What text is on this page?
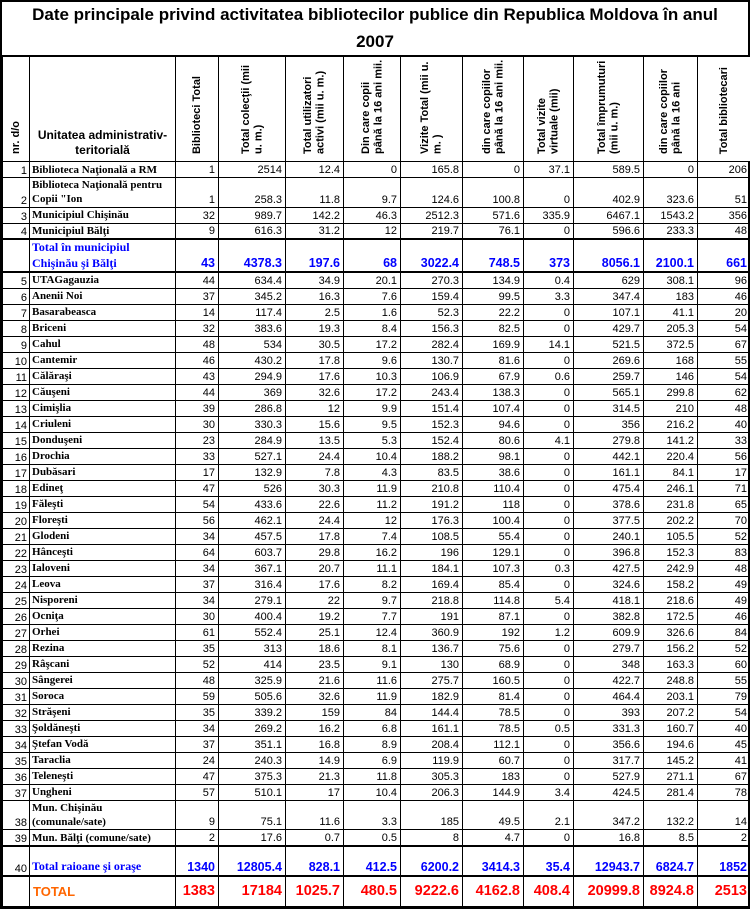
Date principale privind activitatea bibliotecilor publice din Republica Moldova în anul 2007
nr. d/o	Unitatea administrativ-teritorială	Biblioteci Total	Total colecţii (mii u. m.)	Total utilizatori activi (mii u. m.)	Din care copii până la 16 ani mii.	Vizite Total (mii u. m. )	din care copiilor până la 16 ani mii.	Total vizite virtuale (mii)	Total împrumuturi (mii u. m.)	din care copiilor până la 16 ani	Total bibliotecari
1	Biblioteca Naţională a RM	1	2514	12.4	0	165.8	0	37.1	589.5	0	206
2	Biblioteca Naţională pentru Copii "Ion	1	258.3	11.8	9.7	124.6	100.8	0	402.9	323.6	51
3	Municipiul Chişinău	32	989.7	142.2	46.3	2512.3	571.6	335.9	6467.1	1543.2	356
4	Municipiul Bălţi	9	616.3	31.2	12	219.7	76.1	0	596.6	233.3	48
	Total în municipiul Chişinău şi Bălţi	43	4378.3	197.6	68	3022.4	748.5	373	8056.1	2100.1	661
5	UTAGagauzia	44	634.4	34.9	20.1	270.3	134.9	0.4	629	308.1	96
6	Anenii Noi	37	345.2	16.3	7.6	159.4	99.5	3.3	347.4	183	46
7	Basarabeasca	14	117.4	2.5	1.6	52.3	22.2	0	107.1	41.1	20
8	Briceni	32	383.6	19.3	8.4	156.3	82.5	0	429.7	205.3	54
9	Cahul	48	534	30.5	17.2	282.4	169.9	14.1	521.5	372.5	67
10	Cantemir	46	430.2	17.8	9.6	130.7	81.6	0	269.6	168	55
11	Călăraşi	43	294.9	17.6	10.3	106.9	67.9	0.6	259.7	146	54
12	Căuşeni	44	369	32.6	17.2	243.4	138.3	0	565.1	299.8	62
13	Cimişlia	39	286.8	12	9.9	151.4	107.4	0	314.5	210	48
14	Criuleni	30	330.3	15.6	9.5	152.3	94.6	0	356	216.2	40
15	Donduşeni	23	284.9	13.5	5.3	152.4	80.6	4.1	279.8	141.2	33
16	Drochia	33	527.1	24.4	10.4	188.2	98.1	0	442.1	220.4	56
17	Dubăsari	17	132.9	7.8	4.3	83.5	38.6	0	161.1	84.1	17
18	Edineţ	47	526	30.3	11.9	210.8	110.4	0	475.4	246.1	71
19	Făleşti	54	433.6	22.6	11.2	191.2	118	0	378.6	231.8	65
20	Floreşti	56	462.1	24.4	12	176.3	100.4	0	377.5	202.2	70
21	Glodeni	34	457.5	17.8	7.4	108.5	55.4	0	240.1	105.5	52
22	Hânceşti	64	603.7	29.8	16.2	196	129.1	0	396.8	152.3	83
23	Ialoveni	34	367.1	20.7	11.1	184.1	107.3	0.3	427.5	242.9	48
24	Leova	37	316.4	17.6	8.2	169.4	85.4	0	324.6	158.2	49
25	Nisporeni	34	279.1	22	9.7	218.8	114.8	5.4	418.1	218.6	49
26	Ocniţa	30	400.4	19.2	7.7	191	87.1	0	382.8	172.5	46
27	Orhei	61	552.4	25.1	12.4	360.9	192	1.2	609.9	326.6	84
28	Rezina	35	313	18.6	8.1	136.7	75.6	0	279.7	156.2	52
29	Râşcani	52	414	23.5	9.1	130	68.9	0	348	163.3	60
30	Sângerei	48	325.9	21.6	11.6	275.7	160.5	0	422.7	248.8	55
31	Soroca	59	505.6	32.6	11.9	182.9	81.4	0	464.4	203.1	79
32	Străşeni	35	339.2	159	84	144.4	78.5	0	393	207.2	54
33	Şoldăneşti	34	269.2	16.2	6.8	161.1	78.5	0.5	331.3	160.7	40
34	Ştefan Vodă	37	351.1	16.8	8.9	208.4	112.1	0	356.6	194.6	45
35	Taraclia	24	240.3	14.9	6.9	119.9	60.7	0	317.7	145.2	41
36	Teleneşti	47	375.3	21.3	11.8	305.3	183	0	527.9	271.1	67
37	Ungheni	57	510.1	17	10.4	206.3	144.9	3.4	424.5	281.4	78
38	Mun. Chişinău (comunale/sate)	9	75.1	11.6	3.3	185	49.5	2.1	347.2	132.2	14
39	Mun. Bălţi (comune/sate)	2	17.6	0.7	0.5	8	4.7	0	16.8	8.5	2
40	Total raioane şi oraşe	1340	12805.4	828.1	412.5	6200.2	3414.3	35.4	12943.7	6824.7	1852
	TOTAL	1383	17184	1025.7	480.5	9222.6	4162.8	408.4	20999.8	8924.8	2513
